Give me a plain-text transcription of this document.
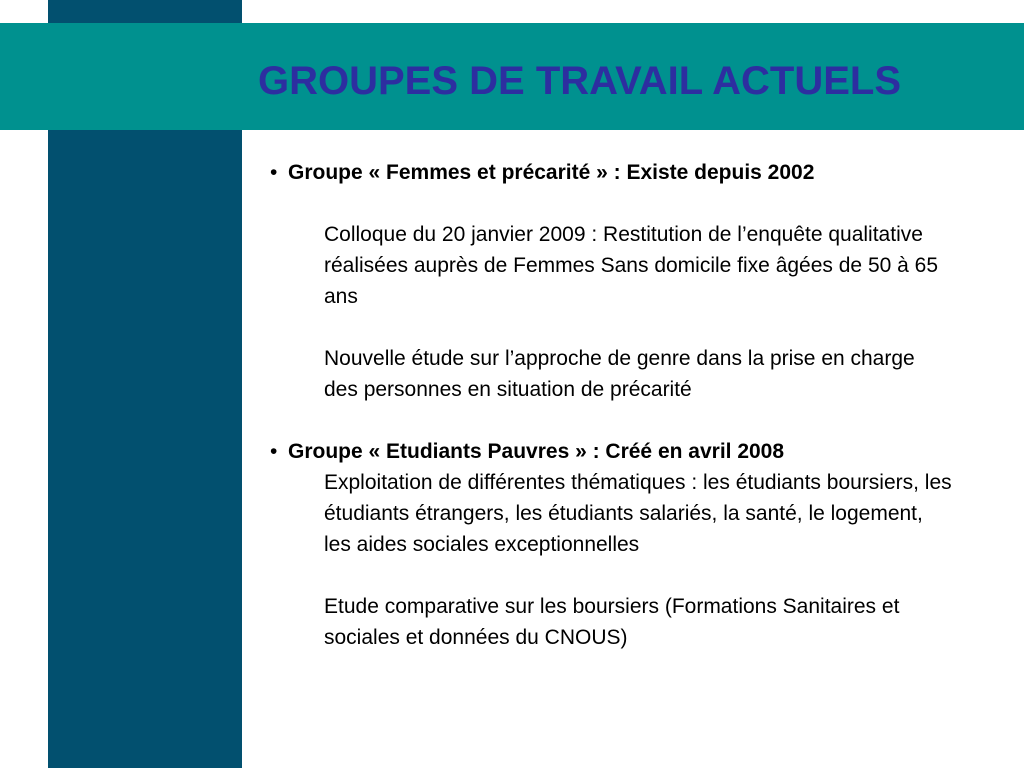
GROUPES DE TRAVAIL ACTUELS
• Groupe « Femmes et précarité » : Existe depuis 2002
Colloque du 20 janvier 2009 : Restitution de l’enquête qualitative réalisées auprès de Femmes Sans domicile fixe âgées de 50 à 65 ans
Nouvelle étude sur l’approche de genre dans la prise en charge des personnes en situation de précarité
• Groupe « Etudiants Pauvres » : Créé en avril 2008
Exploitation de différentes thématiques : les étudiants boursiers, les étudiants étrangers, les étudiants salariés, la santé, le logement, les aides sociales exceptionnelles
Etude comparative sur les boursiers (Formations Sanitaires et sociales et données du CNOUS)
